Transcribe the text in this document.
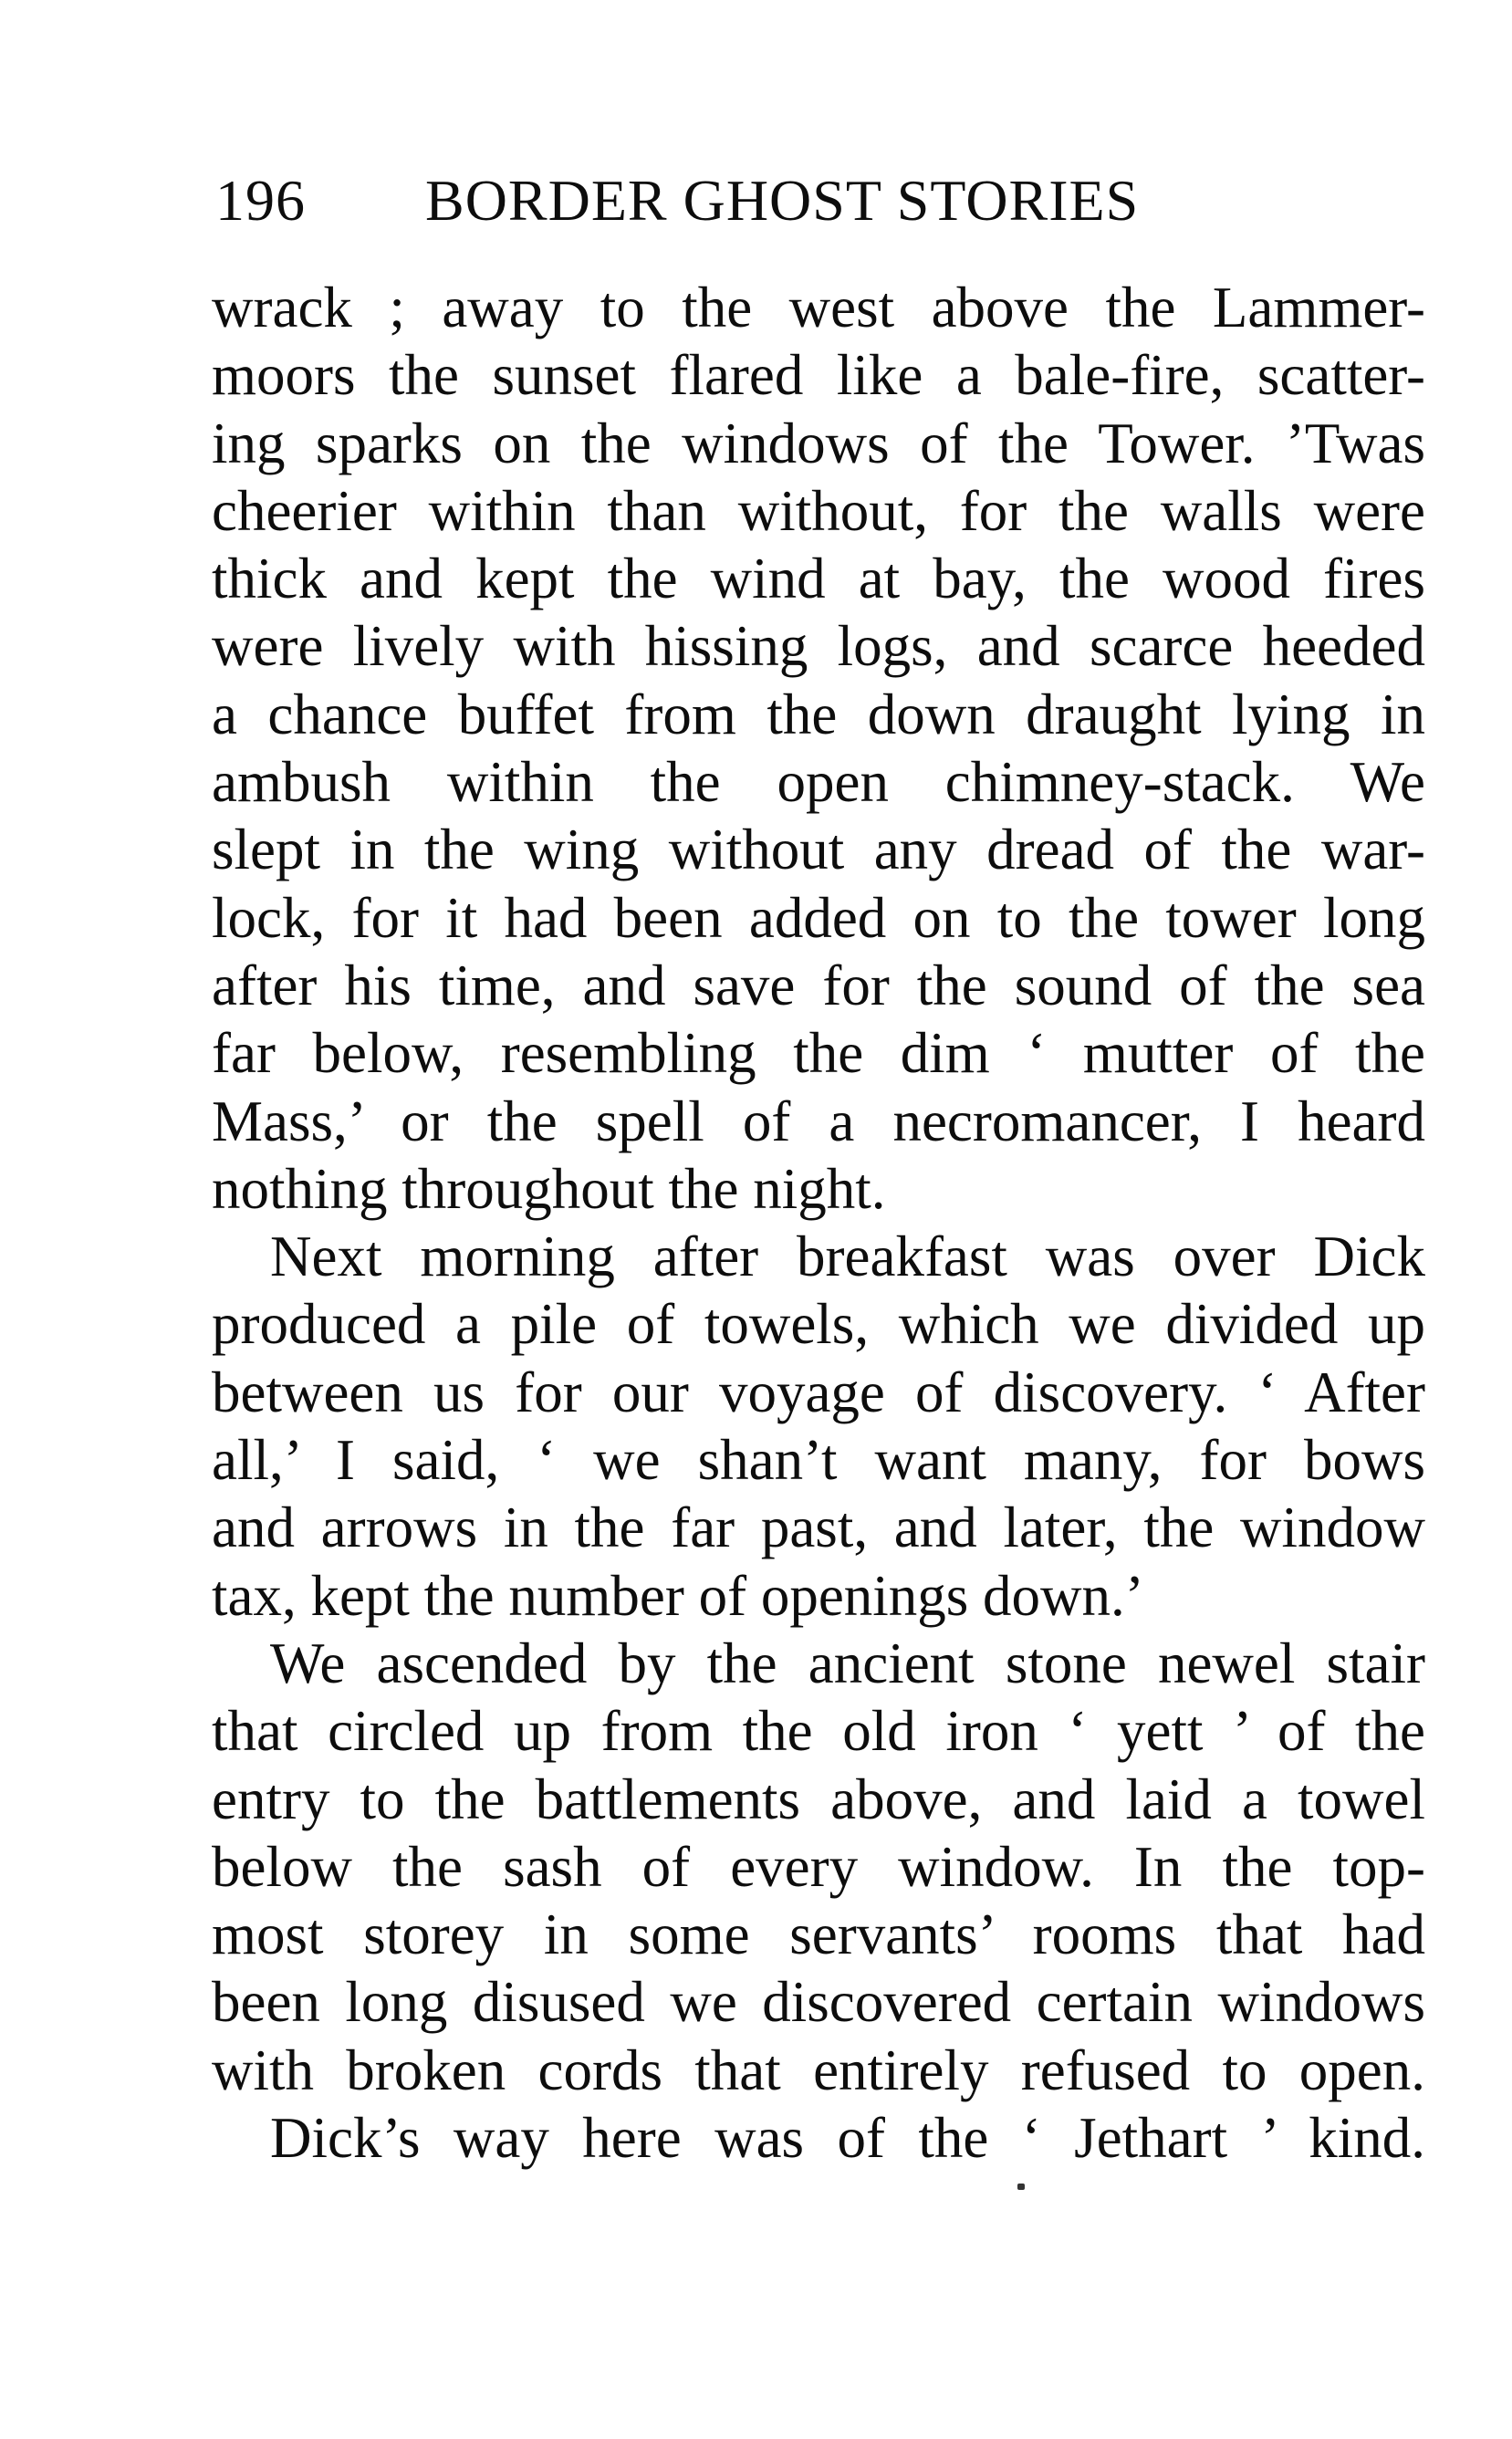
196 BORDER GHOST STORIES
wrack ; away to the west above the Lammer-
moors the sunset flared like a bale-fire, scatter-
ing sparks on the windows of the Tower. ’Twas
cheerier within than without, for the walls were
thick and kept the wind at bay, the wood fires
were lively with hissing logs, and scarce heeded
a chance buffet from the down draught lying in
ambush within the open chimney-stack. We
slept in the wing without any dread of the war-
lock, for it had been added on to the tower long
after his time, and save for the sound of the sea
far below, resembling the dim ‘ mutter of the
Mass,’ or the spell of a necromancer, I heard
nothing throughout the night.
Next morning after breakfast was over Dick
produced a pile of towels, which we divided up
between us for our voyage of discovery. ‘ After
all,’ I said, ‘ we shan’t want many, for bows
and arrows in the far past, and later, the window
tax, kept the number of openings down.’
We ascended by the ancient stone newel stair
that circled up from the old iron ‘ yett ’ of the
entry to the battlements above, and laid a towel
below the sash of every window. In the top-
most storey in some servants’ rooms that had
been long disused we discovered certain windows
with broken cords that entirely refused to open.
Dick’s way here was of the ‘ Jethart ’ kind.
